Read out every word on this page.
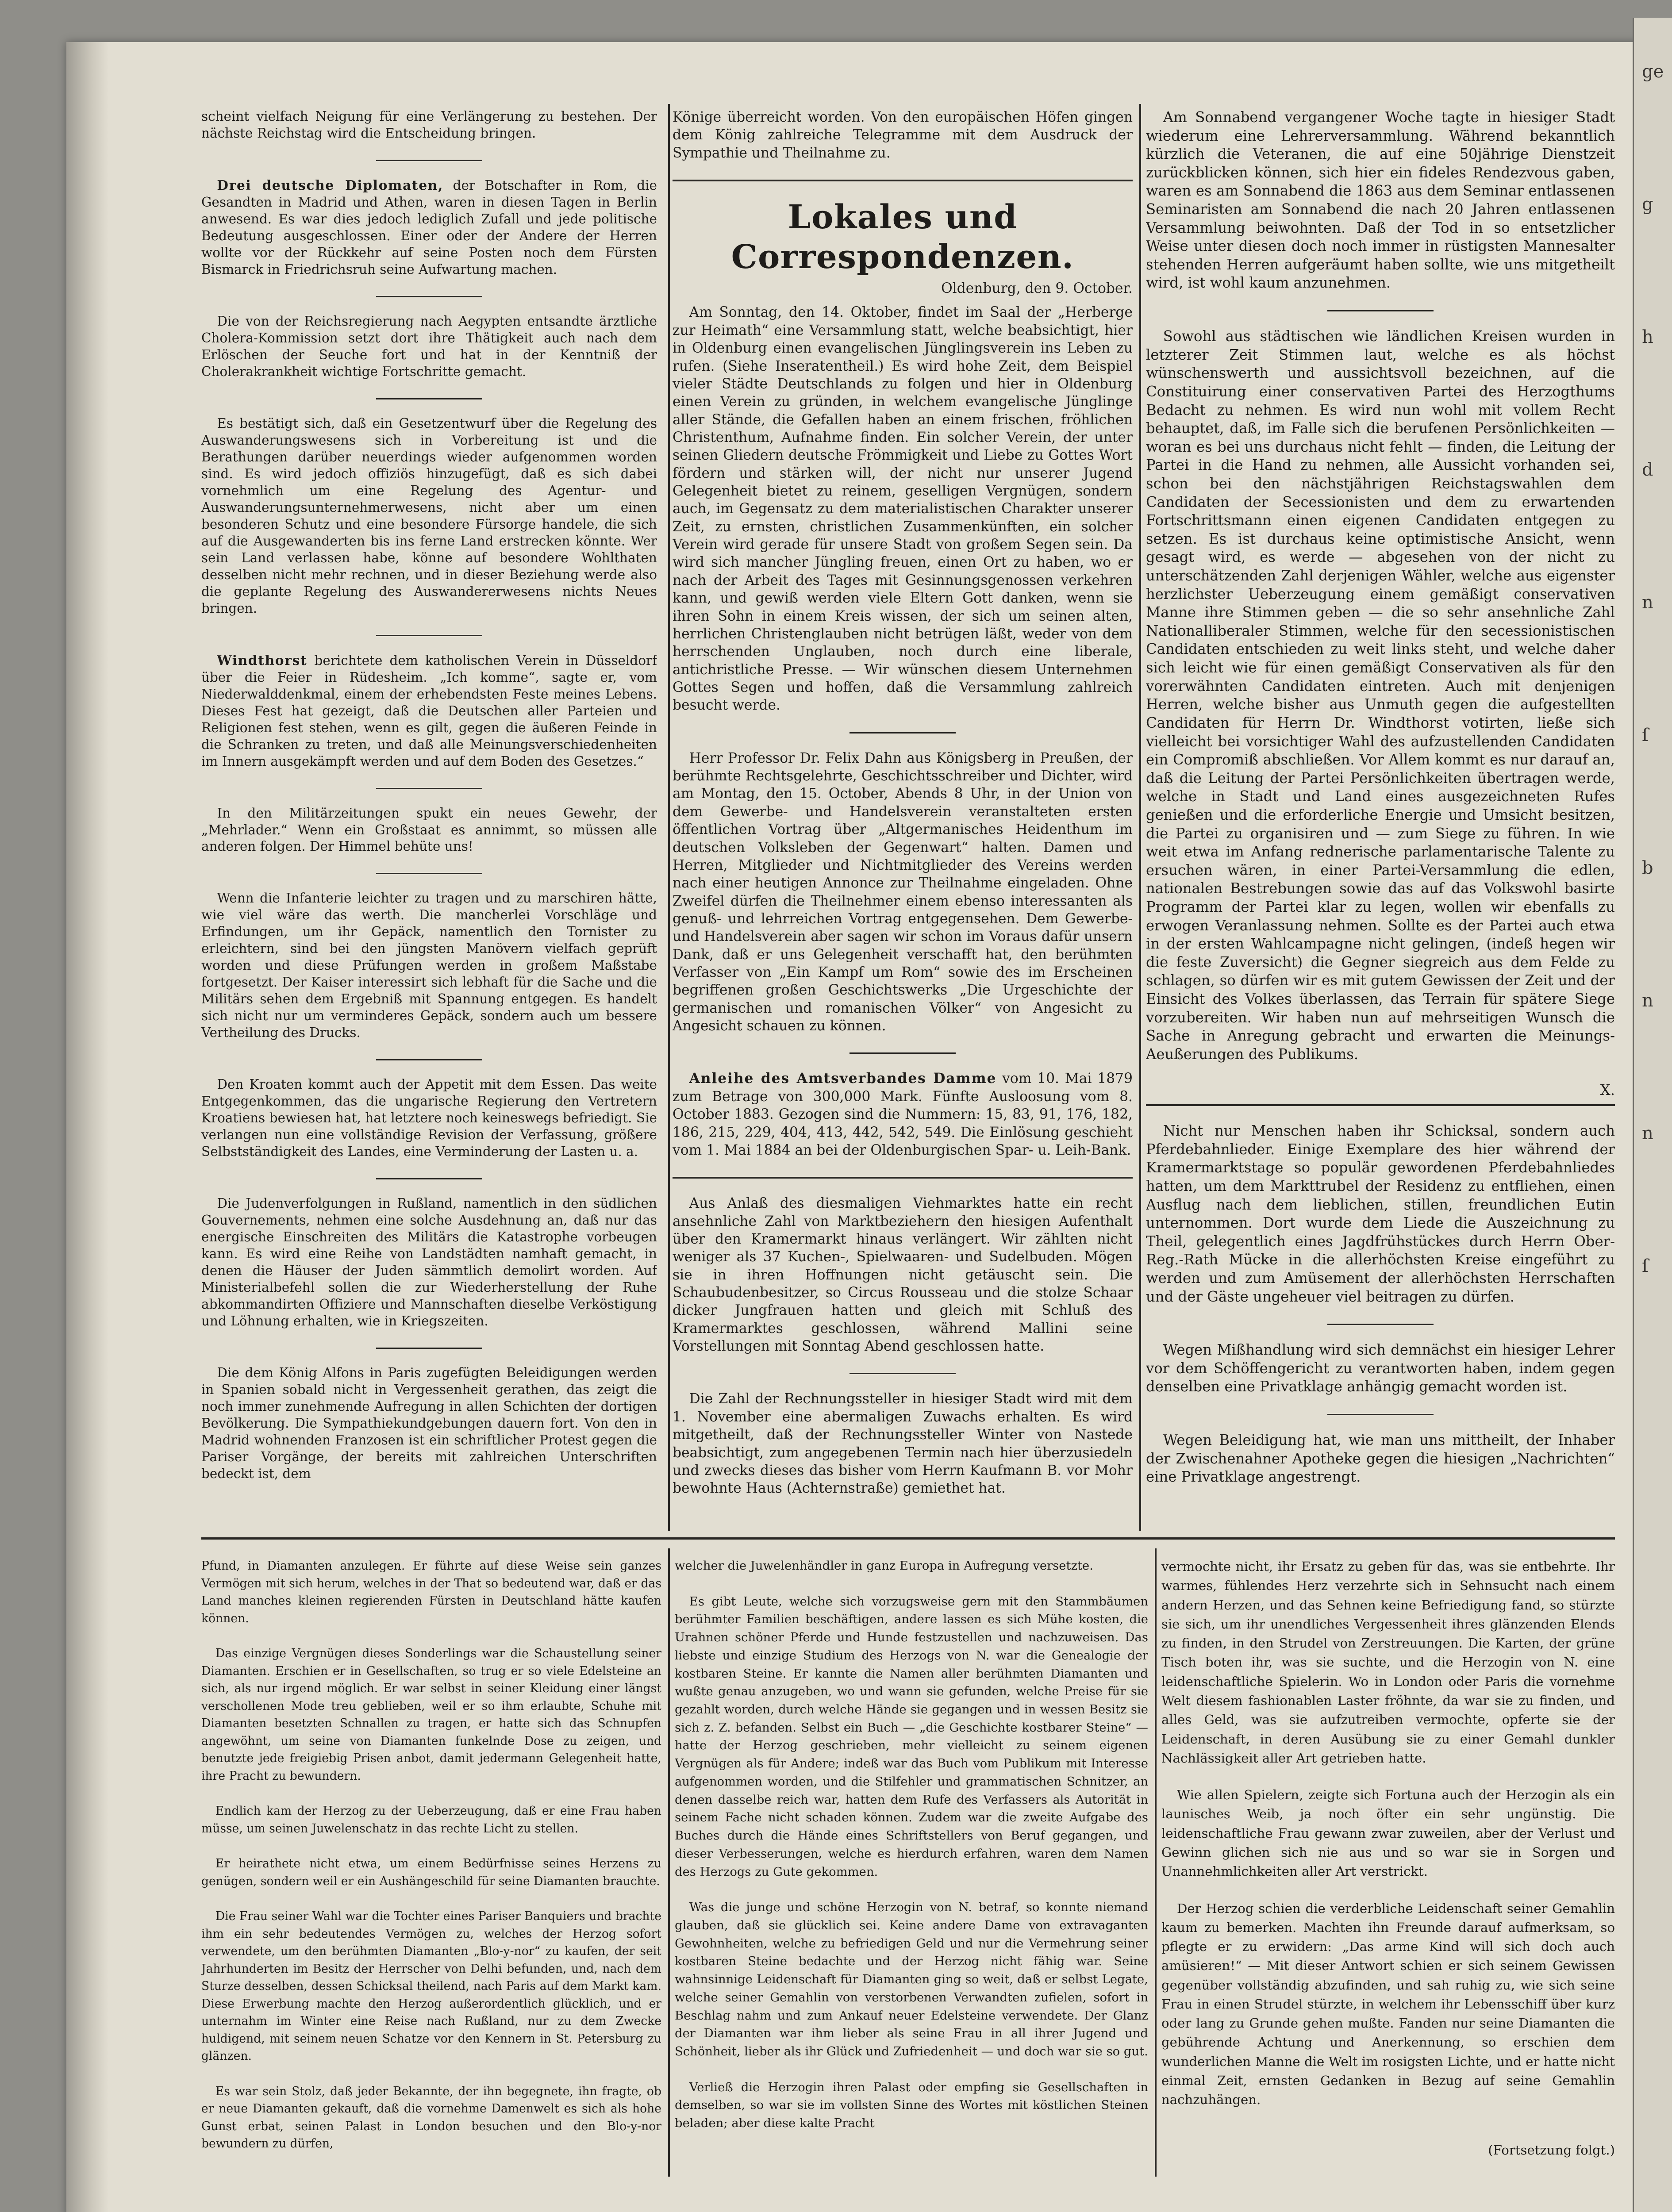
ge
g
h
d
n
ſ
b
n
n
ſ

scheint vielfach Neigung für eine Verlängerung zu bestehen. Der nächste Reichstag wird die Entscheidung bringen.

Drei deutsche Diplomaten, der Botschafter in Rom, die Gesandten in Madrid und Athen, waren in diesen Tagen in Berlin anwesend. Es war dies jedoch lediglich Zufall und jede politische Bedeutung ausgeschlossen. Einer oder der Andere der Herren wollte vor der Rückkehr auf seine Posten noch dem Fürsten Bismarck in Friedrichsruh seine Aufwartung machen.

Die von der Reichsregierung nach Aegypten entsandte ärztliche Cholera-Kommission setzt dort ihre Thätigkeit auch nach dem Erlöschen der Seuche fort und hat in der Kenntniß der Cholerakrankheit wichtige Fortschritte gemacht.

Es bestätigt sich, daß ein Gesetzentwurf über die Regelung des Auswanderungswesens sich in Vorbereitung ist und die Berathungen darüber neuerdings wieder aufgenommen worden sind. Es wird jedoch offiziös hinzugefügt, daß es sich dabei vornehmlich um eine Regelung des Agentur- und Auswanderungsunternehmerwesens, nicht aber um einen besonderen Schutz und eine besondere Fürsorge handele, die sich auf die Ausgewanderten bis ins ferne Land erstrecken könnte. Wer sein Land verlassen habe, könne auf besondere Wohlthaten desselben nicht mehr rechnen, und in dieser Beziehung werde also die geplante Regelung des Auswandererwesens nichts Neues bringen.

Windthorst berichtete dem katholischen Verein in Düsseldorf über die Feier in Rüdesheim. „Ich komme“, sagte er, vom Niederwalddenkmal, einem der erhebendsten Feste meines Lebens. Dieses Fest hat gezeigt, daß die Deutschen aller Parteien und Religionen fest stehen, wenn es gilt, gegen die äußeren Feinde in die Schranken zu treten, und daß alle Meinungsverschiedenheiten im Innern ausgekämpft werden und auf dem Boden des Gesetzes.“

In den Militärzeitungen spukt ein neues Gewehr, der „Mehrlader.“ Wenn ein Großstaat es annimmt, so müssen alle anderen folgen. Der Himmel behüte uns!

Wenn die Infanterie leichter zu tragen und zu marschiren hätte, wie viel wäre das werth. Die mancherlei Vorschläge und Erfindungen, um ihr Gepäck, namentlich den Tornister zu erleichtern, sind bei den jüngsten Manövern vielfach geprüft worden und diese Prüfungen werden in großem Maßstabe fortgesetzt. Der Kaiser interessirt sich lebhaft für die Sache und die Militärs sehen dem Ergebniß mit Spannung entgegen. Es handelt sich nicht nur um verminderes Gepäck, sondern auch um bessere Vertheilung des Drucks.

Den Kroaten kommt auch der Appetit mit dem Essen. Das weite Entgegenkommen, das die ungarische Regierung den Vertretern Kroatiens bewiesen hat, hat letztere noch keineswegs befriedigt. Sie verlangen nun eine vollständige Revision der Verfassung, größere Selbstständigkeit des Landes, eine Verminderung der Lasten u. a.

Die Judenverfolgungen in Rußland, namentlich in den südlichen Gouvernements, nehmen eine solche Ausdehnung an, daß nur das energische Einschreiten des Militärs die Katastrophe vorbeugen kann. Es wird eine Reihe von Landstädten namhaft gemacht, in denen die Häuser der Juden sämmtlich demolirt worden. Auf Ministerialbefehl sollen die zur Wiederherstellung der Ruhe abkommandirten Offiziere und Mannschaften dieselbe Verköstigung und Löhnung erhalten, wie in Kriegszeiten.

Die dem König Alfons in Paris zugefügten Beleidigungen werden in Spanien sobald nicht in Vergessenheit gerathen, das zeigt die noch immer zunehmende Aufregung in allen Schichten der dortigen Bevölkerung. Die Sympathiekundgebungen dauern fort. Von den in Madrid wohnenden Franzosen ist ein schriftlicher Protest gegen die Pariser Vorgänge, der bereits mit zahlreichen Unterschriften bedeckt ist, dem

Könige überreicht worden. Von den europäischen Höfen gingen dem König zahlreiche Telegramme mit dem Ausdruck der Sympathie und Theilnahme zu.

Lokales und Correspondenzen.
Oldenburg, den 9. October.

Am Sonntag, den 14. Oktober, findet im Saal der „Herberge zur Heimath“ eine Versammlung statt, welche beabsichtigt, hier in Oldenburg einen evangelischen Jünglingsverein ins Leben zu rufen. (Siehe Inseratentheil.) Es wird hohe Zeit, dem Beispiel vieler Städte Deutschlands zu folgen und hier in Oldenburg einen Verein zu gründen, in welchem evangelische Jünglinge aller Stände, die Gefallen haben an einem frischen, fröhlichen Christenthum, Aufnahme finden. Ein solcher Verein, der unter seinen Gliedern deutsche Frömmigkeit und Liebe zu Gottes Wort fördern und stärken will, der nicht nur unserer Jugend Gelegenheit bietet zu reinem, geselligen Vergnügen, sondern auch, im Gegensatz zu dem materialistischen Charakter unserer Zeit, zu ernsten, christlichen Zusammenkünften, ein solcher Verein wird gerade für unsere Stadt von großem Segen sein. Da wird sich mancher Jüngling freuen, einen Ort zu haben, wo er nach der Arbeit des Tages mit Gesinnungsgenossen verkehren kann, und gewiß werden viele Eltern Gott danken, wenn sie ihren Sohn in einem Kreis wissen, der sich um seinen alten, herrlichen Christenglauben nicht betrügen läßt, weder von dem herrschenden Unglauben, noch durch eine liberale, antichristliche Presse. — Wir wünschen diesem Unternehmen Gottes Segen und hoffen, daß die Versammlung zahlreich besucht werde.

Herr Professor Dr. Felix Dahn aus Königsberg in Preußen, der berühmte Rechtsgelehrte, Geschichtsschreiber und Dichter, wird am Montag, den 15. October, Abends 8 Uhr, in der Union von dem Gewerbe- und Handelsverein veranstalteten ersten öffentlichen Vortrag über „Altgermanisches Heidenthum im deutschen Volksleben der Gegenwart“ halten. Damen und Herren, Mitglieder und Nichtmitglieder des Vereins werden nach einer heutigen Annonce zur Theilnahme eingeladen. Ohne Zweifel dürfen die Theilnehmer einem ebenso interessanten als genuß- und lehrreichen Vortrag entgegensehen. Dem Gewerbe- und Handelsverein aber sagen wir schon im Voraus dafür unsern Dank, daß er uns Gelegenheit verschafft hat, den berühmten Verfasser von „Ein Kampf um Rom“ sowie des im Erscheinen begriffenen großen Geschichtswerks „Die Urgeschichte der germanischen und romanischen Völker“ von Angesicht zu Angesicht schauen zu können.

Anleihe des Amtsverbandes Damme vom 10. Mai 1879 zum Betrage von 300,000 Mark. Fünfte Ausloosung vom 8. October 1883. Gezogen sind die Nummern: 15, 83, 91, 176, 182, 186, 215, 229, 404, 413, 442, 542, 549. Die Einlösung geschieht vom 1. Mai 1884 an bei der Oldenburgischen Spar- u. Leih-Bank.

Aus Anlaß des diesmaligen Viehmarktes hatte ein recht ansehnliche Zahl von Marktbeziehern den hiesigen Aufenthalt über den Kramermarkt hinaus verlängert. Wir zählten nicht weniger als 37 Kuchen-, Spielwaaren- und Sudelbuden. Mögen sie in ihren Hoffnungen nicht getäuscht sein. Die Schaubudenbesitzer, so Circus Rousseau und die stolze Schaar dicker Jungfrauen hatten und gleich mit Schluß des Kramermarktes geschlossen, während Mallini seine Vorstellungen mit Sonntag Abend geschlossen hatte.

Die Zahl der Rechnungssteller in hiesiger Stadt wird mit dem 1. November eine abermaligen Zuwachs erhalten. Es wird mitgetheilt, daß der Rechnungssteller Winter von Nastede beabsichtigt, zum angegebenen Termin nach hier überzusiedeln und zwecks dieses das bisher vom Herrn Kaufmann B. vor Mohr bewohnte Haus (Achternstraße) gemiethet hat.

Am Sonnabend vergangener Woche tagte in hiesiger Stadt wiederum eine Lehrerversammlung. Während bekanntlich kürzlich die Veteranen, die auf eine 50jährige Dienstzeit zurückblicken können, sich hier ein fideles Rendezvous gaben, waren es am Sonnabend die 1863 aus dem Seminar entlassenen Seminaristen am Sonnabend die nach 20 Jahren entlassenen Versammlung beiwohnten. Daß der Tod in so entsetzlicher Weise unter diesen doch noch immer in rüstigsten Mannesalter stehenden Herren aufgeräumt haben sollte, wie uns mitgetheilt wird, ist wohl kaum anzunehmen.

Sowohl aus städtischen wie ländlichen Kreisen wurden in letzterer Zeit Stimmen laut, welche es als höchst wünschenswerth und aussichtsvoll bezeichnen, auf die Constituirung einer conservativen Partei des Herzogthums Bedacht zu nehmen. Es wird nun wohl mit vollem Recht behauptet, daß, im Falle sich die berufenen Persönlichkeiten — woran es bei uns durchaus nicht fehlt — finden, die Leitung der Partei in die Hand zu nehmen, alle Aussicht vorhanden sei, schon bei den nächstjährigen Reichstagswahlen dem Candidaten der Secessionisten und dem zu erwartenden Fortschrittsmann einen eigenen Candidaten entgegen zu setzen. Es ist durchaus keine optimistische Ansicht, wenn gesagt wird, es werde — abgesehen von der nicht zu unterschätzenden Zahl derjenigen Wähler, welche aus eigenster herzlichster Ueberzeugung einem gemäßigt conservativen Manne ihre Stimmen geben — die so sehr ansehnliche Zahl Nationalliberaler Stimmen, welche für den secessionistischen Candidaten entschieden zu weit links steht, und welche daher sich leicht wie für einen gemäßigt Conservativen als für den vorerwähnten Candidaten eintreten. Auch mit denjenigen Herren, welche bisher aus Unmuth gegen die aufgestellten Candidaten für Herrn Dr. Windthorst votirten, ließe sich vielleicht bei vorsichtiger Wahl des aufzustellenden Candidaten ein Compromiß abschließen. Vor Allem kommt es nur darauf an, daß die Leitung der Partei Persönlichkeiten übertragen werde, welche in Stadt und Land eines ausgezeichneten Rufes genießen und die erforderliche Energie und Umsicht besitzen, die Partei zu organisiren und — zum Siege zu führen. In wie weit etwa im Anfang rednerische parlamentarische Talente zu ersuchen wären, in einer Partei-Versammlung die edlen, nationalen Bestrebungen sowie das auf das Volkswohl basirte Programm der Partei klar zu legen, wollen wir ebenfalls zu erwogen Veranlassung nehmen. Sollte es der Partei auch etwa in der ersten Wahlcampagne nicht gelingen, (indeß hegen wir die feste Zuversicht) die Gegner siegreich aus dem Felde zu schlagen, so dürfen wir es mit gutem Gewissen der Zeit und der Einsicht des Volkes überlassen, das Terrain für spätere Siege vorzubereiten. Wir haben nun auf mehrseitigen Wunsch die Sache in Anregung gebracht und erwarten die Meinungs-Aeußerungen des Publikums.

X.

Nicht nur Menschen haben ihr Schicksal, sondern auch Pferdebahnlieder. Einige Exemplare des hier während der Kramermarktstage so populär gewordenen Pferdebahnliedes hatten, um dem Markttrubel der Residenz zu entfliehen, einen Ausflug nach dem lieblichen, stillen, freundlichen Eutin unternommen. Dort wurde dem Liede die Auszeichnung zu Theil, gelegentlich eines Jagdfrühstückes durch Herrn Ober-Reg.-Rath Mücke in die allerhöchsten Kreise eingeführt zu werden und zum Amüsement der allerhöchsten Herrschaften und der Gäste ungeheuer viel beitragen zu dürfen.

Wegen Mißhandlung wird sich demnächst ein hiesiger Lehrer vor dem Schöffengericht zu verantworten haben, indem gegen denselben eine Privatklage anhängig gemacht worden ist.

Wegen Beleidigung hat, wie man uns mittheilt, der Inhaber der Zwischenahner Apotheke gegen die hiesigen „Nachrichten“ eine Privatklage angestrengt.

Pfund, in Diamanten anzulegen. Er führte auf diese Weise sein ganzes Vermögen mit sich herum, welches in der That so bedeutend war, daß er das Land manches kleinen regierenden Fürsten in Deutschland hätte kaufen können.

Das einzige Vergnügen dieses Sonderlings war die Schaustellung seiner Diamanten. Erschien er in Gesellschaften, so trug er so viele Edelsteine an sich, als nur irgend möglich. Er war selbst in seiner Kleidung einer längst verschollenen Mode treu geblieben, weil er so ihm erlaubte, Schuhe mit Diamanten besetzten Schnallen zu tragen, er hatte sich das Schnupfen angewöhnt, um seine von Diamanten funkelnde Dose zu zeigen, und benutzte jede freigiebig Prisen anbot, damit jedermann Gelegenheit hatte, ihre Pracht zu bewundern.

Endlich kam der Herzog zu der Ueberzeugung, daß er eine Frau haben müsse, um seinen Juwelenschatz in das rechte Licht zu stellen.

Er heirathete nicht etwa, um einem Bedürfnisse seines Herzens zu genügen, sondern weil er ein Aushängeschild für seine Diamanten brauchte.

Die Frau seiner Wahl war die Tochter eines Pariser Banquiers und brachte ihm ein sehr bedeutendes Vermögen zu, welches der Herzog sofort verwendete, um den berühmten Diamanten „Blo-y-nor“ zu kaufen, der seit Jahrhunderten im Besitz der Herrscher von Delhi befunden, und, nach dem Sturze desselben, dessen Schicksal theilend, nach Paris auf dem Markt kam. Diese Erwerbung machte den Herzog außerordentlich glücklich, und er unternahm im Winter eine Reise nach Rußland, nur zu dem Zwecke huldigend, mit seinem neuen Schatze vor den Kennern in St. Petersburg zu glänzen.

Es war sein Stolz, daß jeder Bekannte, der ihn begegnete, ihn fragte, ob er neue Diamanten gekauft, daß die vornehme Damenwelt es sich als hohe Gunst erbat, seinen Palast in London besuchen und den Blo-y-nor bewundern zu dürfen,

welcher die Juwelenhändler in ganz Europa in Aufregung versetzte.

Es gibt Leute, welche sich vorzugsweise gern mit den Stammbäumen berühmter Familien beschäftigen, andere lassen es sich Mühe kosten, die Urahnen schöner Pferde und Hunde festzustellen und nachzuweisen. Das liebste und einzige Studium des Herzogs von N. war die Genealogie der kostbaren Steine. Er kannte die Namen aller berühmten Diamanten und wußte genau anzugeben, wo und wann sie gefunden, welche Preise für sie gezahlt worden, durch welche Hände sie gegangen und in wessen Besitz sie sich z. Z. befanden. Selbst ein Buch — „die Geschichte kostbarer Steine“ — hatte der Herzog geschrieben, mehr vielleicht zu seinem eigenen Vergnügen als für Andere; indeß war das Buch vom Publikum mit Interesse aufgenommen worden, und die Stilfehler und grammatischen Schnitzer, an denen dasselbe reich war, hatten dem Rufe des Verfassers als Autorität in seinem Fache nicht schaden können. Zudem war die zweite Aufgabe des Buches durch die Hände eines Schriftstellers von Beruf gegangen, und dieser Verbesserungen, welche es hierdurch erfahren, waren dem Namen des Herzogs zu Gute gekommen.

Was die junge und schöne Herzogin von N. betraf, so konnte niemand glauben, daß sie glücklich sei. Keine andere Dame von extravaganten Gewohnheiten, welche zu befriedigen Geld und nur die Vermehrung seiner kostbaren Steine bedachte und der Herzog nicht fähig war. Seine wahnsinnige Leidenschaft für Diamanten ging so weit, daß er selbst Legate, welche seiner Gemahlin von verstorbenen Verwandten zufielen, sofort in Beschlag nahm und zum Ankauf neuer Edelsteine verwendete. Der Glanz der Diamanten war ihm lieber als seine Frau in all ihrer Jugend und Schönheit, lieber als ihr Glück und Zufriedenheit — und doch war sie so gut.

Verließ die Herzogin ihren Palast oder empfing sie Gesellschaften in demselben, so war sie im vollsten Sinne des Wortes mit köstlichen Steinen beladen; aber diese kalte Pracht

vermochte nicht, ihr Ersatz zu geben für das, was sie entbehrte. Ihr warmes, fühlendes Herz verzehrte sich in Sehnsucht nach einem andern Herzen, und das Sehnen keine Befriedigung fand, so stürzte sie sich, um ihr unendliches Vergessenheit ihres glänzenden Elends zu finden, in den Strudel von Zerstreuungen. Die Karten, der grüne Tisch boten ihr, was sie suchte, und die Herzogin von N. eine leidenschaftliche Spielerin. Wo in London oder Paris die vornehme Welt diesem fashionablen Laster fröhnte, da war sie zu finden, und alles Geld, was sie aufzutreiben vermochte, opferte sie der Leidenschaft, in deren Ausübung sie zu einer Gemahl dunkler Nachlässigkeit aller Art getrieben hatte.

Wie allen Spielern, zeigte sich Fortuna auch der Herzogin als ein launisches Weib, ja noch öfter ein sehr ungünstig. Die leidenschaftliche Frau gewann zwar zuweilen, aber der Verlust und Gewinn glichen sich nie aus und so war sie in Sorgen und Unannehmlichkeiten aller Art verstrickt.

Der Herzog schien die verderbliche Leidenschaft seiner Gemahlin kaum zu bemerken. Machten ihn Freunde darauf aufmerksam, so pflegte er zu erwidern: „Das arme Kind will sich doch auch amüsieren!“ — Mit dieser Antwort schien er sich seinem Gewissen gegenüber vollständig abzufinden, und sah ruhig zu, wie sich seine Frau in einen Strudel stürzte, in welchem ihr Lebensschiff über kurz oder lang zu Grunde gehen mußte. Fanden nur seine Diamanten die gebührende Achtung und Anerkennung, so erschien dem wunderlichen Manne die Welt im rosigsten Lichte, und er hatte nicht einmal Zeit, ernsten Gedanken in Bezug auf seine Gemahlin nachzuhängen.

(Fortsetzung folgt.)
